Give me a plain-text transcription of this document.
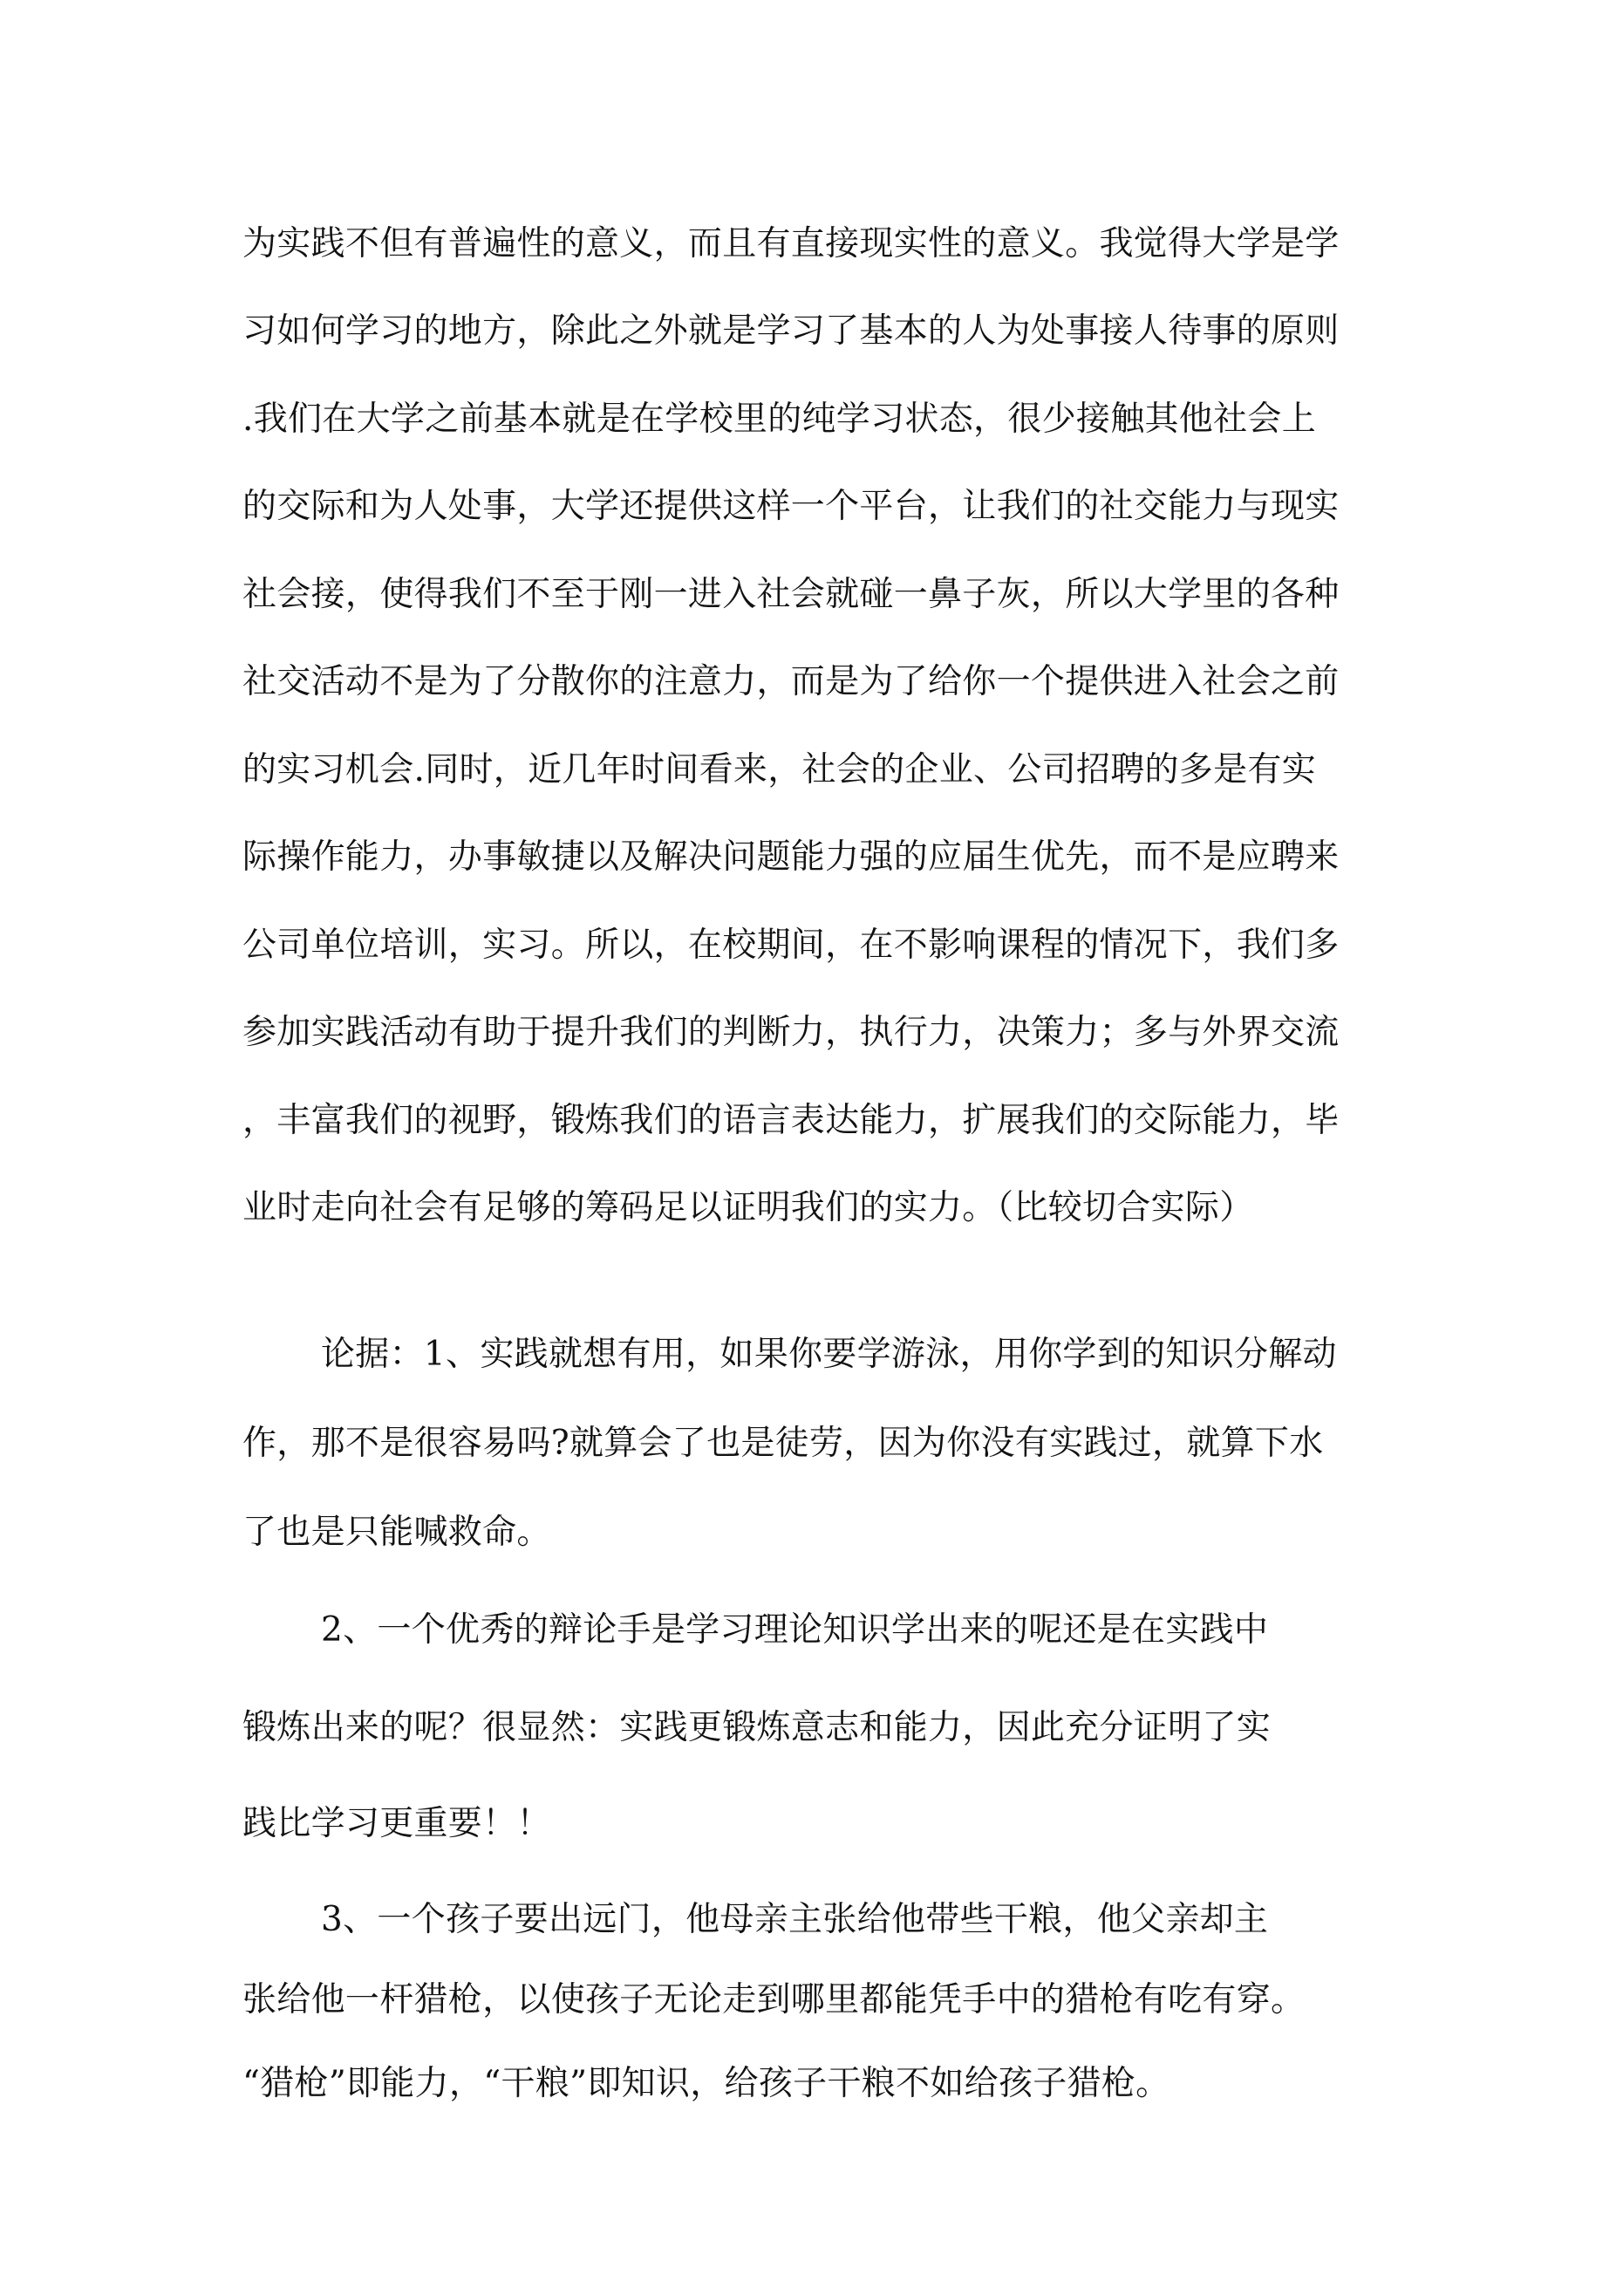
为实践不但有普遍性的意义，而且有直接现实性的意义。我觉得大学是学
习如何学习的地方，除此之外就是学习了基本的人为处事接人待事的原则
.我们在大学之前基本就是在学校里的纯学习状态，很少接触其他社会上
的交际和为人处事，大学还提供这样一个平台，让我们的社交能力与现实
社会接，使得我们不至于刚一进入社会就碰一鼻子灰，所以大学里的各种
社交活动不是为了分散你的注意力，而是为了给你一个提供进入社会之前
的实习机会.同时，近几年时间看来，社会的企业、公司招聘的多是有实
际操作能力，办事敏捷以及解决问题能力强的应届生优先，而不是应聘来
公司单位培训，实习。所以，在校期间，在不影响课程的情况下，我们多
参加实践活动有助于提升我们的判断力，执行力，决策力；多与外界交流
，丰富我们的视野，锻炼我们的语言表达能力，扩展我们的交际能力，毕
业时走向社会有足够的筹码足以证明我们的实力。（比较切合实际）
论据：1、实践就想有用，如果你要学游泳，用你学到的知识分解动
作，那不是很容易吗?就算会了也是徒劳，因为你没有实践过，就算下水
了也是只能喊救命。
2、一个优秀的辩论手是学习理论知识学出来的呢还是在实践中
锻炼出来的呢？很显然：实践更锻炼意志和能力，因此充分证明了实
践比学习更重要！！
3、一个孩子要出远门，他母亲主张给他带些干粮，他父亲却主
张给他一杆猎枪，以使孩子无论走到哪里都能凭手中的猎枪有吃有穿。
“猎枪”即能力，“干粮”即知识，给孩子干粮不如给孩子猎枪。
